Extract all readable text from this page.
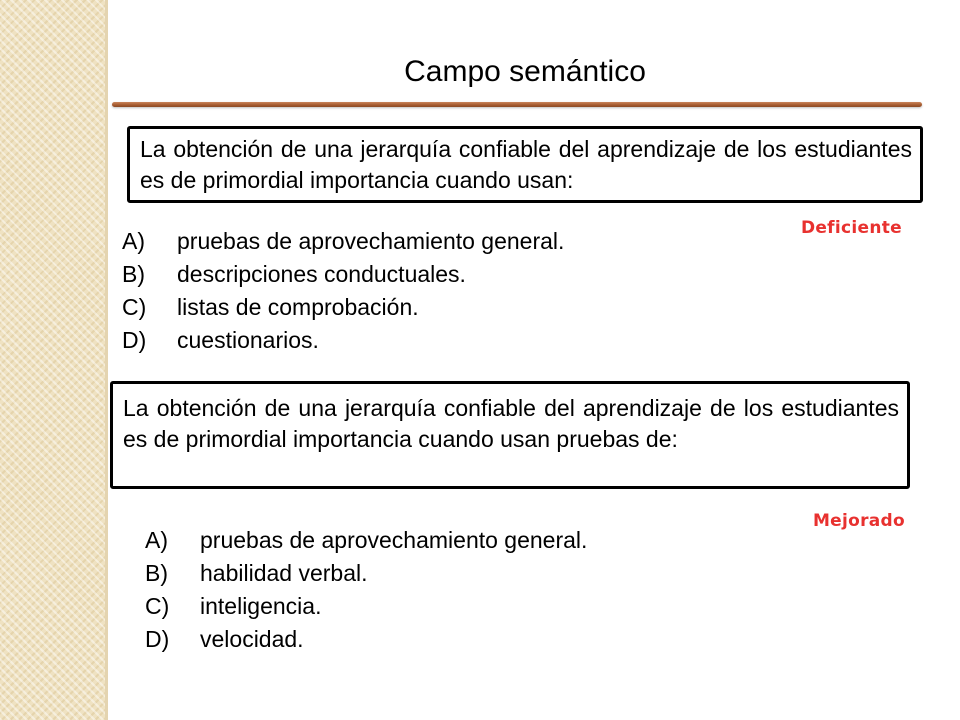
Campo semántico
La obtención de una jerarquía confiable del aprendizaje de los estudiantes es de primordial importancia cuando usan:
Deficiente
A)	pruebas de aprovechamiento general.
B)	descripciones conductuales.
C)	listas de comprobación.
D)	cuestionarios.
La obtención de una jerarquía confiable del aprendizaje de los estudiantes es de primordial importancia cuando usan pruebas de:
Mejorado
A)	pruebas de aprovechamiento general.
B)	habilidad verbal.
C)	inteligencia.
D)	velocidad.
